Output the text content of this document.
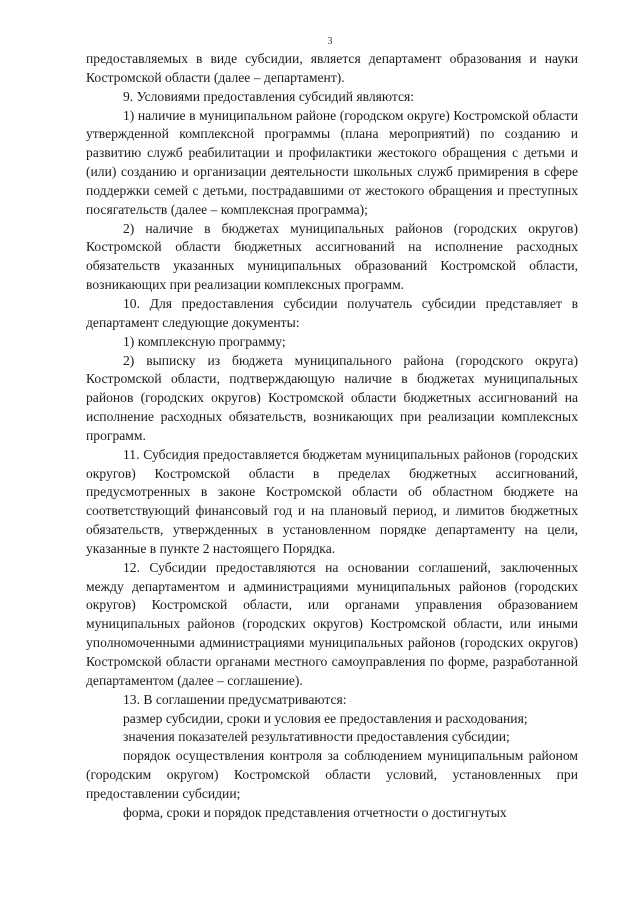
3

предоставляемых в виде субсидии, является департамент образования и науки Костромской области (далее – департамент).

9. Условиями предоставления субсидий являются:

1) наличие в муниципальном районе (городском округе) Костромской области утвержденной комплексной программы (плана мероприятий) по созданию и развитию служб реабилитации и профилактики жестокого обращения с детьми и (или) созданию и организации деятельности школьных служб примирения в сфере поддержки семей с детьми, пострадавшими от жестокого обращения и преступных посягательств (далее – комплексная программа);

2) наличие в бюджетах муниципальных районов (городских округов) Костромской области бюджетных ассигнований на исполнение расходных обязательств указанных муниципальных образований Костромской области, возникающих при реализации комплексных программ.

10. Для предоставления субсидии получатель субсидии представляет в департамент следующие документы:

1) комплексную программу;

2) выписку из бюджета муниципального района (городского округа) Костромской области, подтверждающую наличие в бюджетах муниципальных районов (городских округов) Костромской области бюджетных ассигнований на исполнение расходных обязательств, возникающих при реализации комплексных программ.

11. Субсидия предоставляется бюджетам муниципальных районов (городских округов) Костромской области в пределах бюджетных ассигнований, предусмотренных в законе Костромской области об областном бюджете на соответствующий финансовый год и на плановый период, и лимитов бюджетных обязательств, утвержденных в установленном порядке департаменту на цели, указанные в пункте 2 настоящего Порядка.

12. Субсидии предоставляются на основании соглашений, заключенных между департаментом и администрациями муниципальных районов (городских округов) Костромской области, или органами управления образованием муниципальных районов (городских округов) Костромской области, или иными уполномоченными администрациями муниципальных районов (городских округов) Костромской области органами местного самоуправления по форме, разработанной департаментом (далее – соглашение).

13. В соглашении предусматриваются:

размер субсидии, сроки и условия ее предоставления и расходования;

значения показателей результативности предоставления субсидии;

порядок осуществления контроля за соблюдением муниципальным районом (городским округом) Костромской области условий, установленных при предоставлении субсидии;

форма, сроки и порядок представления отчетности о достигнутых
